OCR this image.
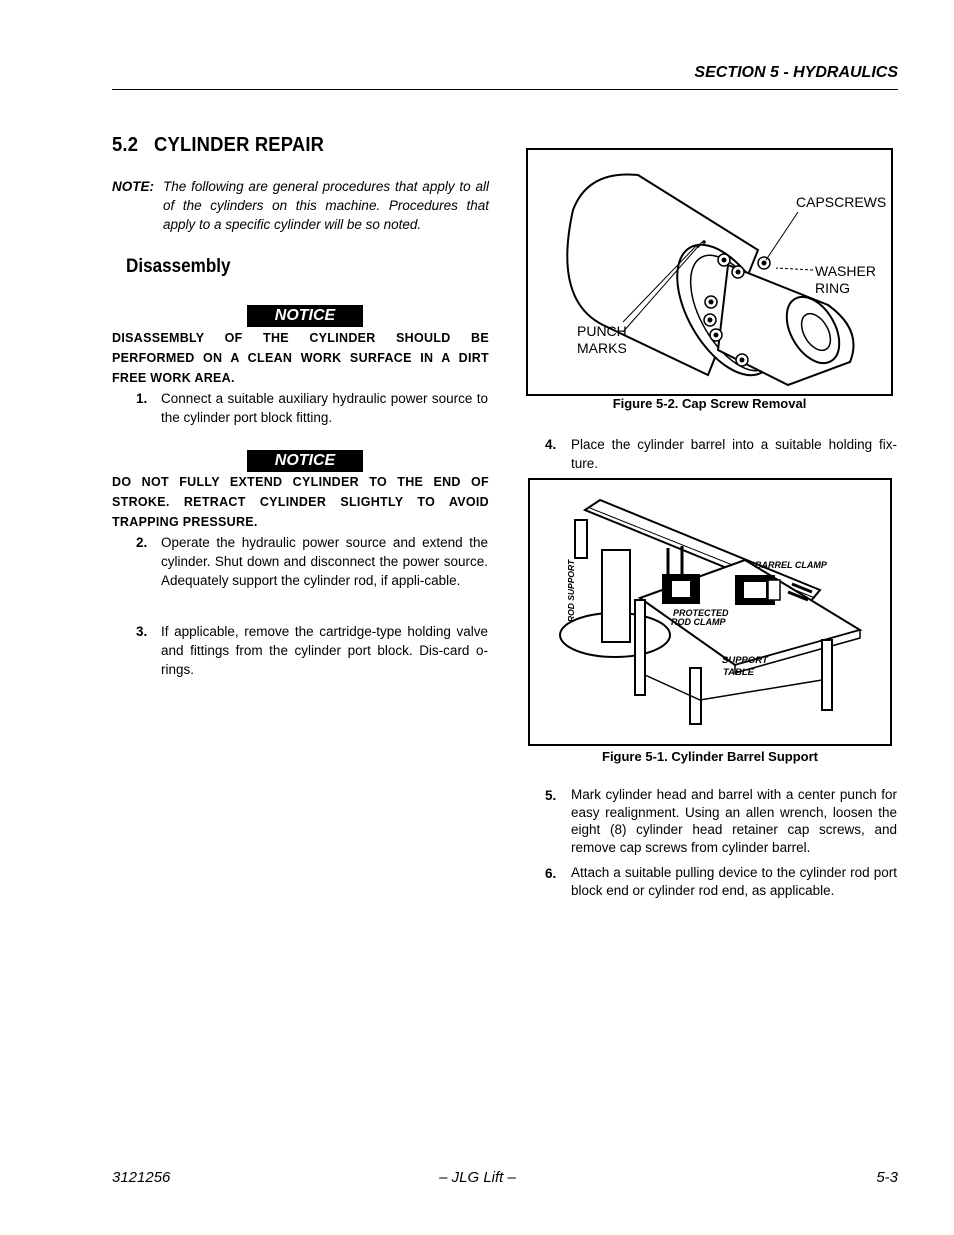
SECTION 5 - HYDRAULICS
5.2   CYLINDER REPAIR
NOTE: The following are general procedures that apply to all of the cylinders on this machine. Procedures that apply to a specific cylinder will be so noted.
Disassembly
NOTICE
DISASSEMBLY OF THE CYLINDER SHOULD BE PERFORMED ON A CLEAN WORK SURFACE IN A DIRT FREE WORK AREA.
1. Connect a suitable auxiliary hydraulic power source to the cylinder port block fitting.
NOTICE
DO NOT FULLY EXTEND CYLINDER TO THE END OF STROKE. RETRACT CYLINDER SLIGHTLY TO AVOID TRAPPING PRESSURE.
2. Operate the hydraulic power source and extend the cylinder. Shut down and disconnect the power source. Adequately support the cylinder rod, if appli-cable.
3. If applicable, remove the cartridge-type holding valve and fittings from the cylinder port block. Dis-card o-rings.
CAPSCREWS
WASHER
RING
PUNCH
MARKS
Figure 5-2. Cap Screw Removal
4. Place the cylinder barrel into a suitable holding fix-ture.
BARREL CLAMP
PROTECTED
ROD CLAMP
SUPPORT
TABLE
ROD SUPPORT
Figure 5-1. Cylinder Barrel Support
5. Mark cylinder head and barrel with a center punch for easy realignment. Using an allen wrench, loosen the eight (8) cylinder head retainer cap screws, and remove cap screws from cylinder barrel.
6. Attach a suitable pulling device to the cylinder rod port block end or cylinder rod end, as applicable.
3121256	– JLG Lift –	5-3
